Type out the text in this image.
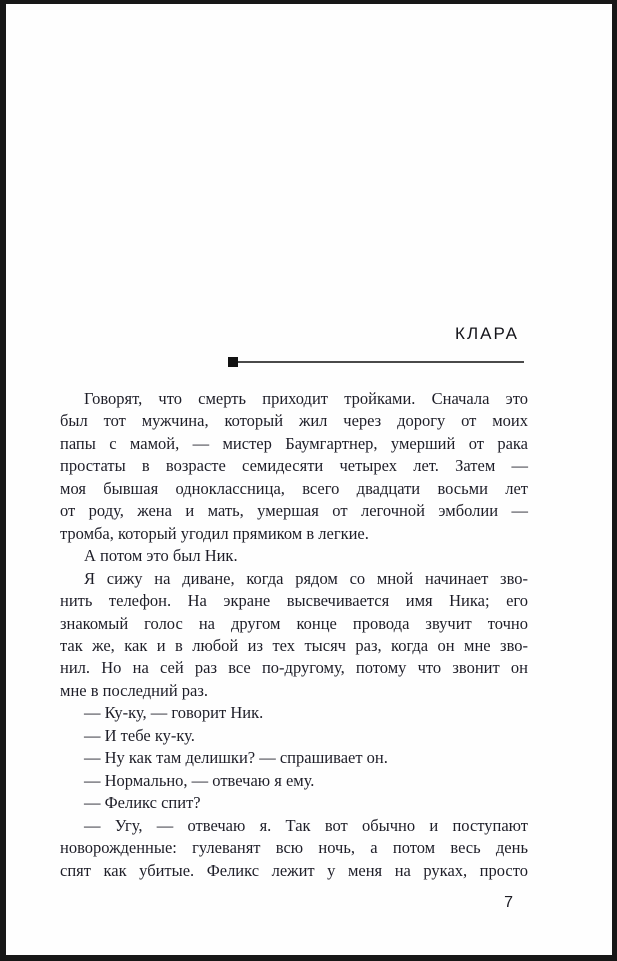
КЛАРА
Говорят, что смерть приходит тройками. Сначала это
был тот мужчина, который жил через дорогу от моих
папы с мамой, — мистер Баумгартнер, умерший от рака
простаты в возрасте семидесяти четырех лет. Затем —
моя бывшая одноклассница, всего двадцати восьми лет
от роду, жена и мать, умершая от легочной эмболии —
тромба, который угодил прямиком в легкие.
А потом это был Ник.
Я сижу на диване, когда рядом со мной начинает зво-
нить телефон. На экране высвечивается имя Ника; его
знакомый голос на другом конце провода звучит точно
так же, как и в любой из тех тысяч раз, когда он мне зво-
нил. Но на сей раз все по-другому, потому что звонит он
мне в последний раз.
— Ку-ку, — говорит Ник.
— И тебе ку-ку.
— Ну как там делишки? — спрашивает он.
— Нормально, — отвечаю я ему.
— Феликс спит?
— Угу, — отвечаю я. Так вот обычно и поступают
новорожденные: гулеванят всю ночь, а потом весь день
спят как убитые. Феликс лежит у меня на руках, просто
7
